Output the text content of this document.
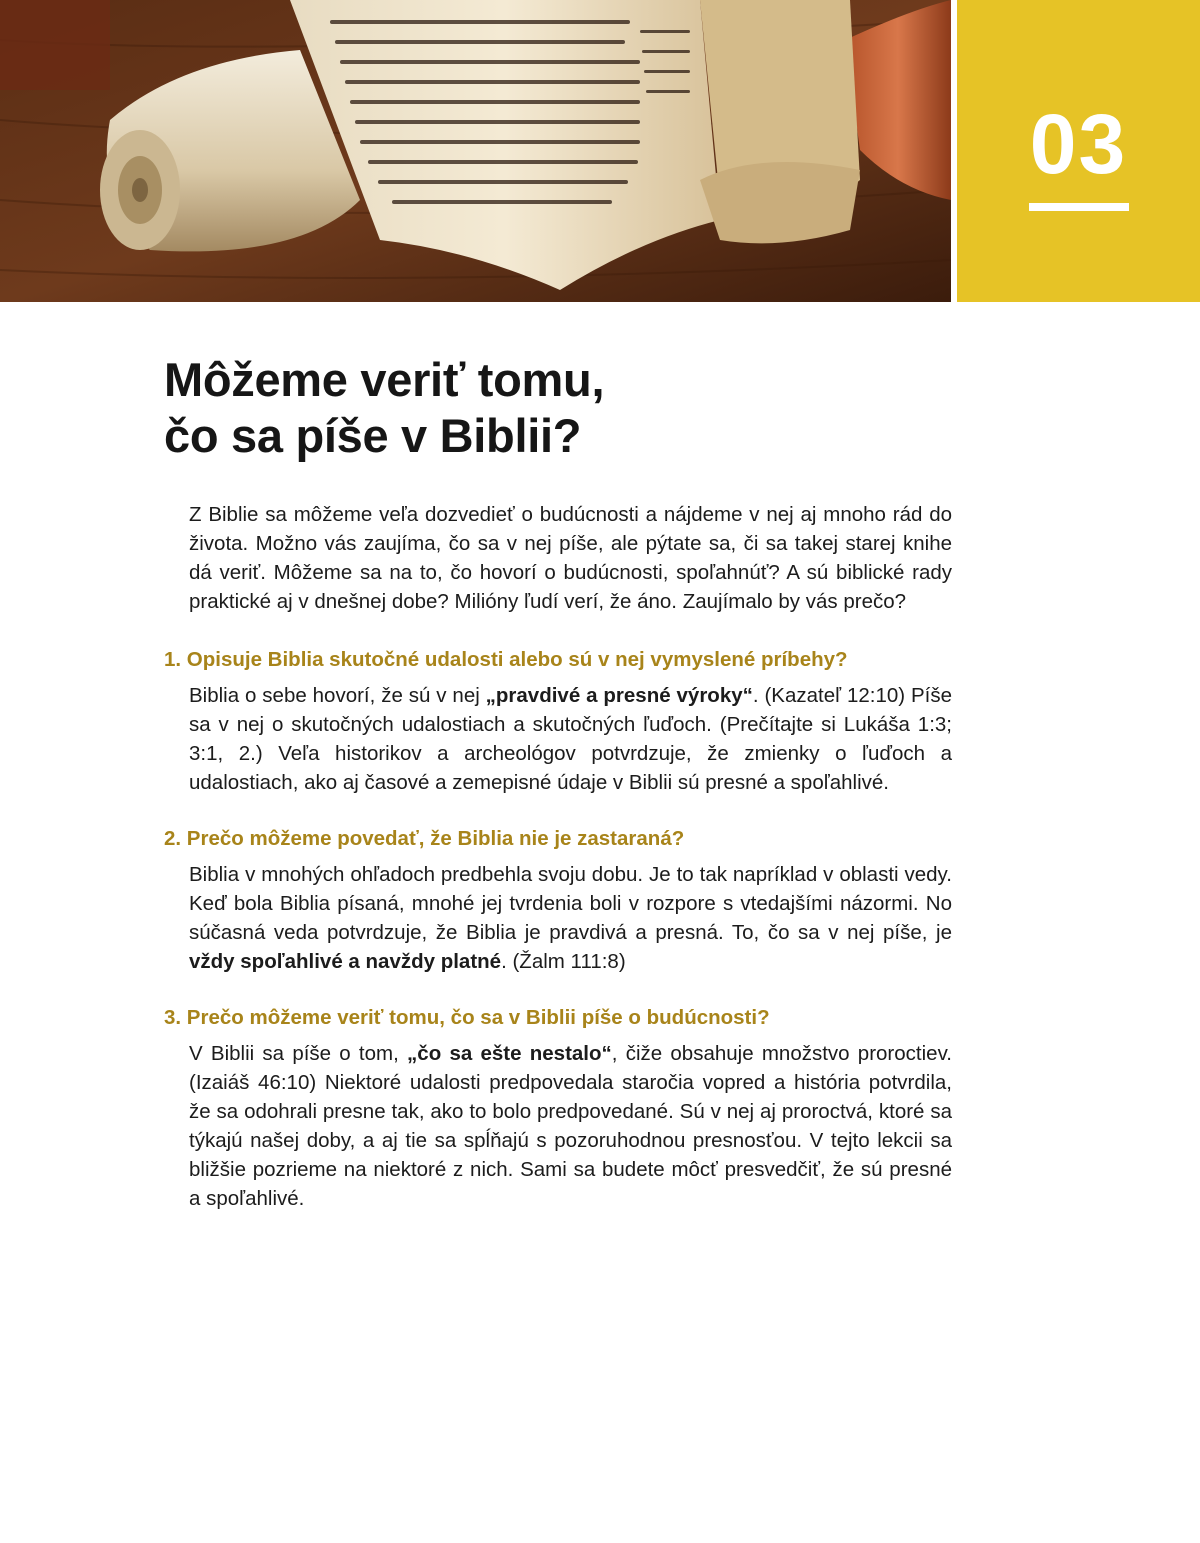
03
Môžeme veriť tomu,
čo sa píše v Biblii?

Z Biblie sa môžeme veľa dozvedieť o budúcnosti a nájdeme v nej aj mnoho rád do života. Možno vás zaujíma, čo sa v nej píše, ale pýtate sa, či sa takej starej knihe dá veriť. Môžeme sa na to, čo hovorí o budúcnosti, spoľahnúť? A sú biblické rady praktické aj v dnešnej dobe? Milióny ľudí verí, že áno. Zaujímalo by vás prečo?

1. Opisuje Biblia skutočné udalosti alebo sú v nej vymyslené príbehy?

Biblia o sebe hovorí, že sú v nej „pravdivé a presné výroky“. (Kazateľ 12:10) Píše sa v nej o skutočných udalostiach a skutočných ľuďoch. (Prečítajte si Lukáša 1:3; 3:1, 2.) Veľa historikov a archeológov potvrdzuje, že zmienky o ľuďoch a udalostiach, ako aj časové a zemepisné údaje v Biblii sú presné a spoľahlivé.

2. Prečo môžeme povedať, že Biblia nie je zastaraná?

Biblia v mnohých ohľadoch predbehla svoju dobu. Je to tak napríklad v oblasti vedy. Keď bola Biblia písaná, mnohé jej tvrdenia boli v rozpore s vtedajšími názormi. No súčasná veda potvrdzuje, že Biblia je pravdivá a presná. To, čo sa v nej píše, je vždy spoľahlivé a navždy platné. (Žalm 111:8)

3. Prečo môžeme veriť tomu, čo sa v Biblii píše o budúcnosti?

V Biblii sa píše o tom, „čo sa ešte nestalo“, čiže obsahuje množstvo proroctiev. (Izaiáš 46:10) Niektoré udalosti predpovedala staročia vopred a história potvrdila, že sa odohrali presne tak, ako to bolo predpovedané. Sú v nej aj proroctvá, ktoré sa týkajú našej doby, a aj tie sa spĺňajú s pozoruhodnou presnosťou. V tejto lekcii sa bližšie pozrieme na niektoré z nich. Sami sa budete môcť presvedčiť, že sú presné a spoľahlivé.
